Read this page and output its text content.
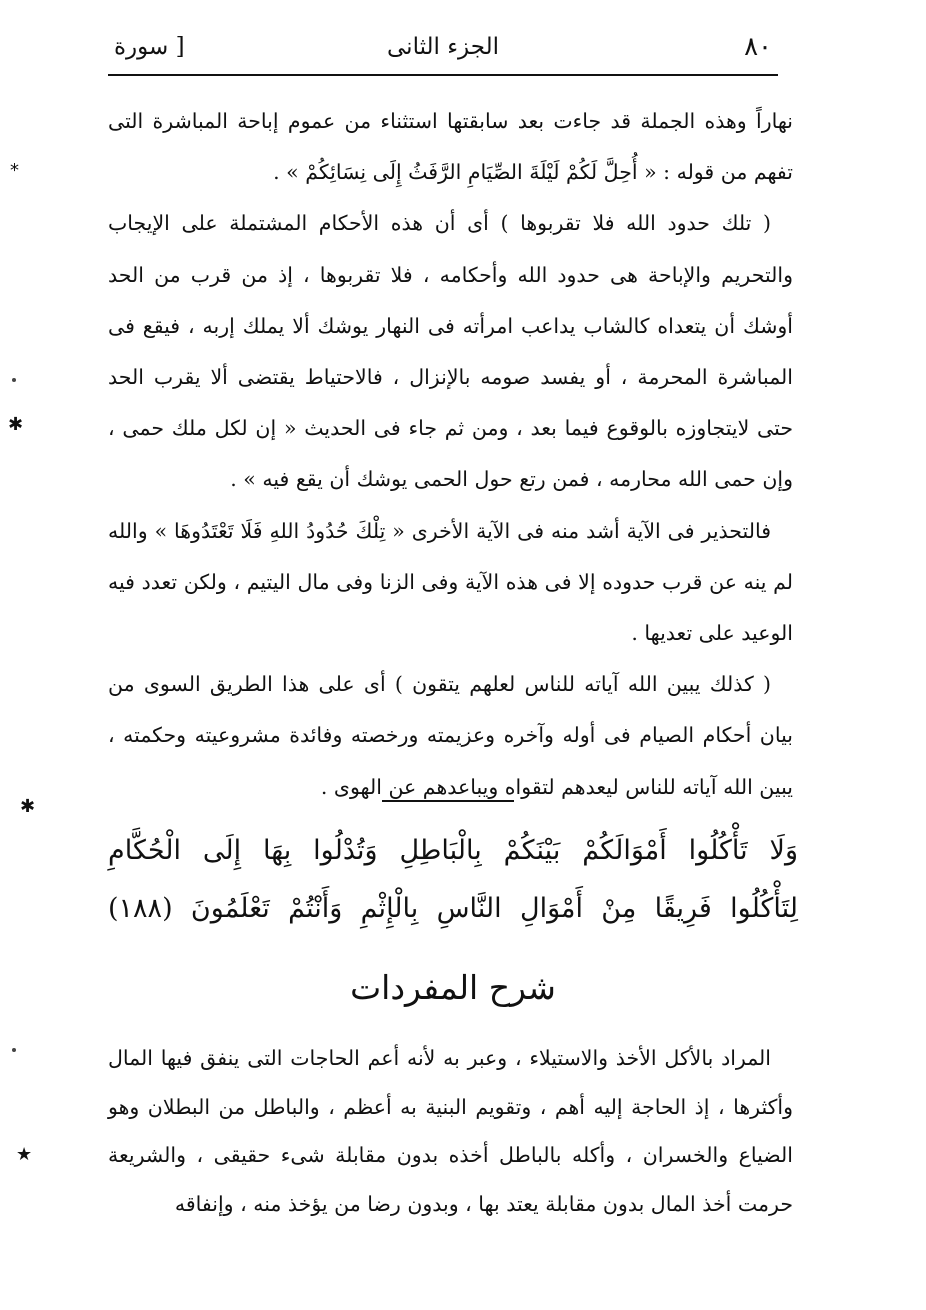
٨٠
الجزء الثانى
[ سورة

نهاراً وهذه الجملة قد جاءت بعد سابقتها استثناء من عموم إباحة المباشرة التى تفهم من قوله : « أُحِلَّ لَكُمْ لَيْلَةَ الصِّيَامِ الرَّفَثُ إِلَى نِسَائِكُمْ » .

( تلك حدود الله فلا تقربوها ) أى أن هذه الأحكام المشتملة على الإيجاب والتحريم والإباحة هى حدود الله وأحكامه ، فلا تقربوها ، إذ من قرب من الحد أوشك أن يتعداه كالشاب يداعب امرأته فى النهار يوشك ألا يملك إربه ، فيقع فى المباشرة المحرمة ، أو يفسد صومه بالإنزال ، فالاحتياط يقتضى ألا يقرب الحد حتى لايتجاوزه بالوقوع فيما بعد ، ومن ثم جاء فى الحديث « إن لكل ملك حمى ، وإن حمى الله محارمه ، فمن رتع حول الحمى يوشك أن يقع فيه » .

فالتحذير فى الآية أشد منه فى الآية الأخرى « تِلْكَ حُدُودُ اللهِ فَلَا تَعْتَدُوهَا » والله لم ينه عن قرب حدوده إلا فى هذه الآية وفى الزنا وفى مال اليتيم ، ولكن تعدد فيه الوعيد على تعديها .

( كذلك يبين الله آياته للناس لعلهم يتقون ) أى على هذا الطريق السوى من بيان أحكام الصيام فى أوله وآخره وعزيمته ورخصته وفائدة مشروعيته وحكمته ، يبين الله آياته للناس ليعدهم لتقواه ويباعدهم عن الهوى .

وَلَا تَأْكُلُوا أَمْوَالَكُمْ بَيْنَكُمْ بِالْبَاطِلِ وَتُدْلُوا بِهَا إِلَى الْحُكَّامِ
لِتَأْكُلُوا فَرِيقًا مِنْ أَمْوَالِ النَّاسِ بِالْإِثْمِ وَأَنْتُمْ تَعْلَمُونَ (١٨٨)
شرح المفردات

المراد بالأكل الأخذ والاستيلاء ، وعبر به لأنه أعم الحاجات التى ينفق فيها المال وأكثرها ، إذ الحاجة إليه أهم ، وتقويم البنية به أعظم ، والباطل من البطلان وهو الضياع والخسران ، وأكله بالباطل أخذه بدون مقابلة شىء حقيقى ، والشريعة حرمت أخذ المال بدون مقابلة يعتد بها ، وبدون رضا من يؤخذ منه ، وإنفاقه

*
✱
✱
★
